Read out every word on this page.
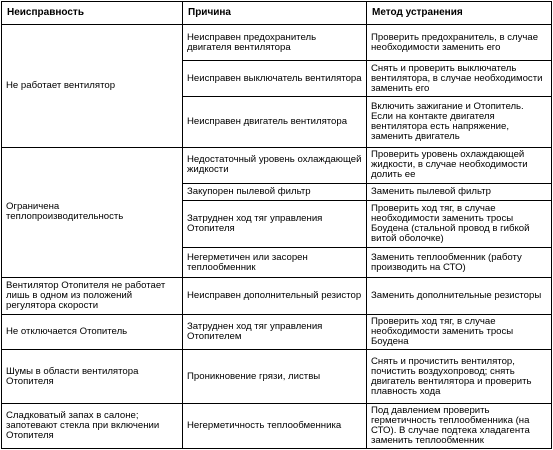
Неисправность	Причина	Метод устранения
Не работает вентилятор	Неисправен предохранитель двигателя вентилятора	Проверить предохранитель, в случае необходимости заменить его
	Неисправен выключатель вентилятора	Снять и проверить выключатель вентилятора, в случае необходимости заменить его
	Неисправен двигатель вентилятора	Включить зажигание и Отопитель. Если на контакте двигателя вентилятора есть напряжение, заменить двигатель
Ограничена теплопроизводительность	Недостаточный уровень охлаждающей жидкости	Проверить уровень охлаждающей жидкости, в случае необходимости долить ее
	Закупорен пылевой фильтр	Заменить пылевой фильтр
	Затруднен ход тяг управления Отопителя	Проверить ход тяг, в случае необходимости заменить тросы Боудена (стальной провод в гибкой витой оболочке)
	Негерметичен или засорен теплообменник	Заменить теплообменник (работу производить на СТО)
Вентилятор Отопителя не работает лишь в одном из положений регулятора скорости	Неисправен дополнительный резистор	Заменить дополнительные резисторы
Не отключается Отопитель	Затруднен ход тяг управления Отопителем	Проверить ход тяг, в случае необходимости заменить тросы Боудена
Шумы в области вентилятора Отопителя	Проникновение грязи, листвы	Снять и прочистить вентилятор, почистить воздухопровод; снять двигатель вентилятора и проверить плавность хода
Сладковатый запах в салоне; запотевают стекла при включении Отопителя	Негерметичность теплообменника	Под давлением проверить герметичность теплообменника (на СТО). В случае подтека хладагента заменить теплообменник
